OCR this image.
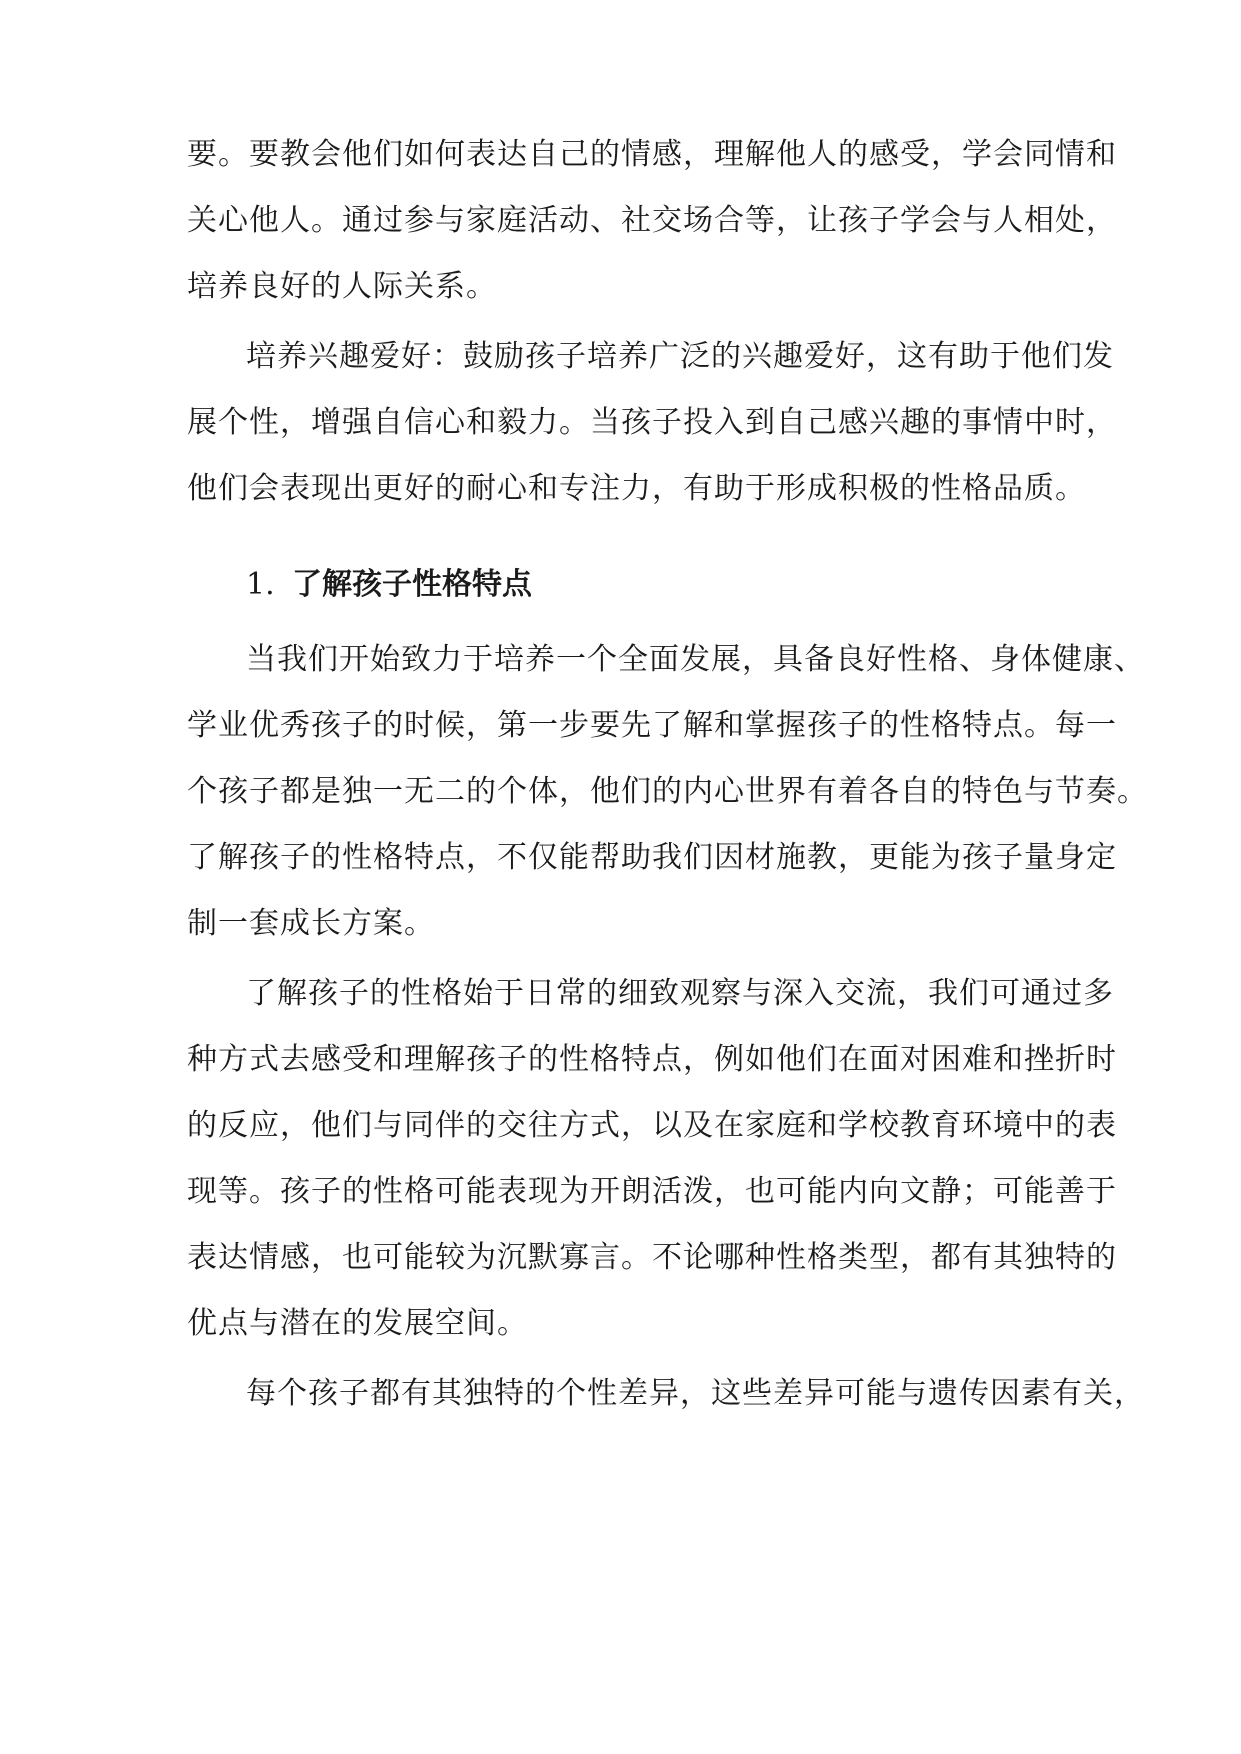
要。要教会他们如何表达自己的情感，理解他人的感受，学会同情和
关心他人。通过参与家庭活动、社交场合等，让孩子学会与人相处，
培养良好的人际关系。
培养兴趣爱好：鼓励孩子培养广泛的兴趣爱好，这有助于他们发
展个性，增强自信心和毅力。当孩子投入到自己感兴趣的事情中时，
他们会表现出更好的耐心和专注力，有助于形成积极的性格品质。
1. 了解孩子性格特点
当我们开始致力于培养一个全面发展，具备良好性格、身体健康、
学业优秀孩子的时候，第一步要先了解和掌握孩子的性格特点。每一
个孩子都是独一无二的个体，他们的内心世界有着各自的特色与节奏。
了解孩子的性格特点，不仅能帮助我们因材施教，更能为孩子量身定
制一套成长方案。
了解孩子的性格始于日常的细致观察与深入交流，我们可通过多
种方式去感受和理解孩子的性格特点，例如他们在面对困难和挫折时
的反应，他们与同伴的交往方式，以及在家庭和学校教育环境中的表
现等。孩子的性格可能表现为开朗活泼，也可能内向文静；可能善于
表达情感，也可能较为沉默寡言。不论哪种性格类型，都有其独特的
优点与潜在的发展空间。
每个孩子都有其独特的个性差异，这些差异可能与遗传因素有关，
